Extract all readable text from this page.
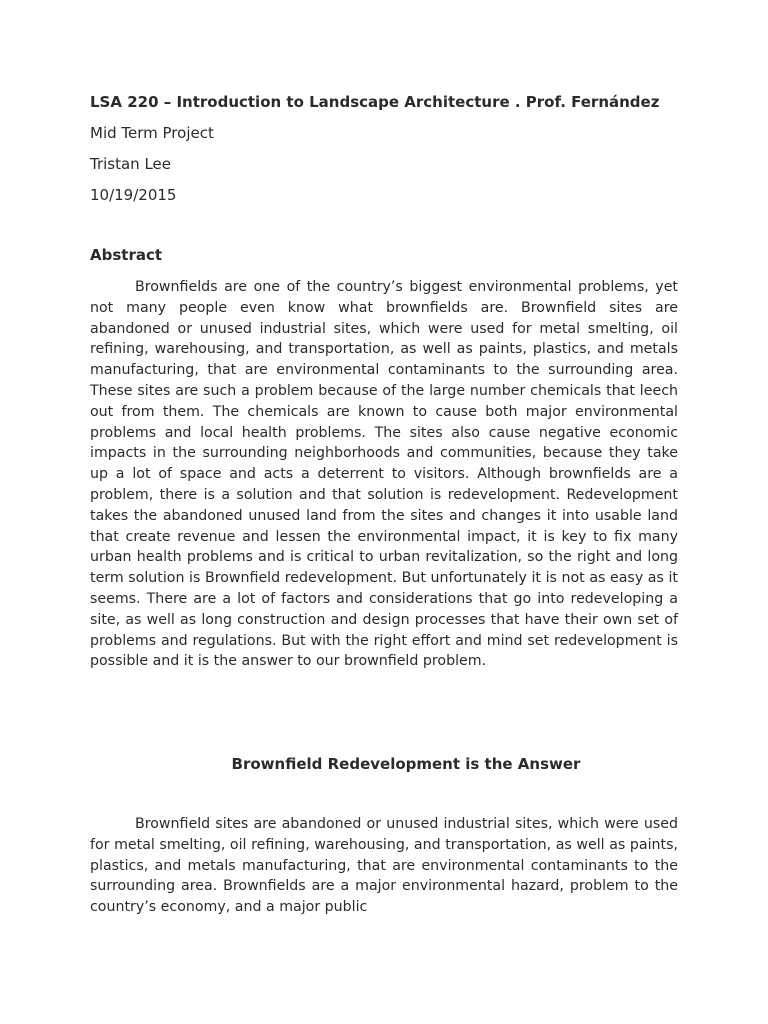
LSA 220 – Introduction to Landscape Architecture . Prof. Fernández
Mid Term Project
Tristan Lee
10/19/2015
Abstract

Brownfields are one of the country’s biggest environmental problems, yet not many people even know what brownfields are. Brownfield sites are abandoned or unused industrial sites, which were used for metal smelting, oil refining, warehousing, and transportation, as well as paints, plastics, and metals manufacturing, that are environmental contaminants to the surrounding area. These sites are such a problem because of the large number chemicals that leech out from them. The chemicals are known to cause both major environmental problems and local health problems. The sites also cause negative economic impacts in the surrounding neighborhoods and communities, because they take up a lot of space and acts a deterrent to visitors. Although brownfields are a problem, there is a solution and that solution is redevelopment. Redevelopment takes the abandoned unused land from the sites and changes it into usable land that create revenue and lessen the environmental impact, it is key to fix many urban health problems and is critical to urban revitalization, so the right and long term solution is Brownfield redevelopment. But unfortunately it is not as easy as it seems. There are a lot of factors and considerations that go into redeveloping a site, as well as long construction and design processes that have their own set of problems and regulations. But with the right effort and mind set redevelopment is possible and it is the answer to our brownfield problem.

Brownfield Redevelopment is the Answer

Brownfield sites are abandoned or unused industrial sites, which were used for metal smelting, oil refining, warehousing, and transportation, as well as paints, plastics, and metals manufacturing, that are environmental contaminants to the surrounding area. Brownfields are a major environmental hazard, problem to the country’s economy, and a major public
